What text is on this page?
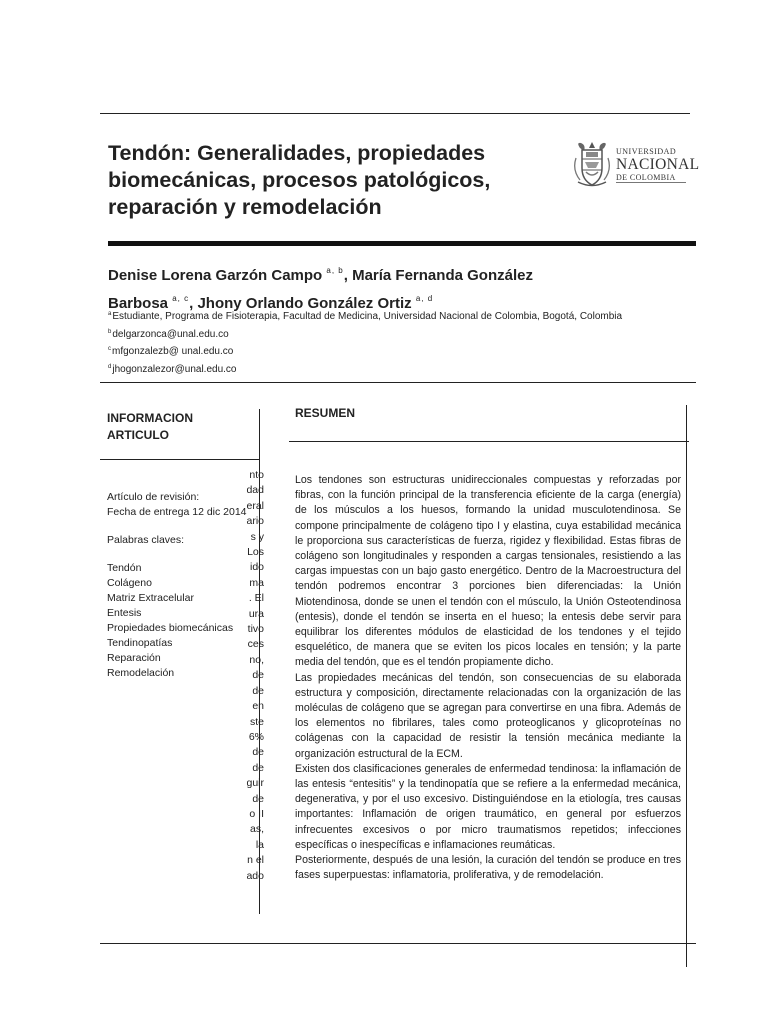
Tendón: Generalidades, propiedades
biomecánicas, procesos patológicos,
reparación y remodelación
UNIVERSIDAD
NACIONAL
DE COLOMBIA
Denise Lorena Garzón Campo $^{a, b}$, María Fernanda González
Barbosa $^{a, c}$, Jhony Orlando González Ortiz $^{a, d}$
$^a$Estudiante, Programa de Fisioterapia, Facultad de Medicina, Universidad Nacional de Colombia, Bogotá, Colombia
$^b$delgarzonca@unal.edu.co
$^c$mfgonzalezb@ unal.edu.co
$^d$jhogonzalezor@unal.edu.co
INFORMACION
ARTICULO
Artículo de revisión:
Fecha de entrega 12 dic 2014
Palabras claves:
Tendón
Colágeno
Matriz Extracelular
Entesis
Propiedades biomecánicas
Tendinopatías
Reparación
Remodelación
nto
dad
eral
ario
s y
Los
ido
ma
. El
ura
tivo
ces
no,
de
de
en
ste
6%
de
de
guir
de
o II
as,
la
n el
ado
RESUMEN

Los tendones son estructuras unidireccionales compuestas y reforzadas por fibras, con la función principal de la transferencia eficiente de la carga (energía) de los músculos a los huesos, formando la unidad musculotendinosa. Se compone principalmente de colágeno tipo I y elastina, cuya estabilidad mecánica le proporciona sus características de fuerza, rigidez y flexibilidad. Estas fibras de colágeno son longitudinales y responden a cargas tensionales, resistiendo a las cargas impuestas con un bajo gasto energético. Dentro de la Macroestructura del tendón podremos encontrar 3 porciones bien diferenciadas: la Unión Miotendinosa, donde se unen el tendón con el músculo, la Unión Osteotendinosa (entesis), donde el tendón se inserta en el hueso; la entesis debe servir para equilibrar los diferentes módulos de elasticidad de los tendones y el tejido esquelético, de manera que se eviten los picos locales en tensión; y la parte media del tendón, que es el tendón propiamente dicho.

Las propiedades mecánicas del tendón, son consecuencias de su elaborada estructura y composición, directamente relacionadas con la organización de las moléculas de colágeno que se agregan para convertirse en una fibra. Además de los elementos no fibrilares, tales como proteoglicanos y glicoproteínas no colágenas con la capacidad de resistir la tensión mecánica mediante la organización estructural de la ECM.

Existen dos clasificaciones generales de enfermedad tendinosa: la inflamación de las entesis “entesitis” y la tendinopatía que se refiere a la enfermedad mecánica, degenerativa, y por el uso excesivo. Distinguiéndose en la etiología, tres causas importantes: Inflamación de origen traumático, en general por esfuerzos infrecuentes excesivos o por micro traumatismos repetidos; infecciones específicas o inespecíficas e inflamaciones reumáticas.

Posteriormente, después de una lesión, la curación del tendón se produce en tres fases superpuestas: inflamatoria, proliferativa, y de remodelación.
